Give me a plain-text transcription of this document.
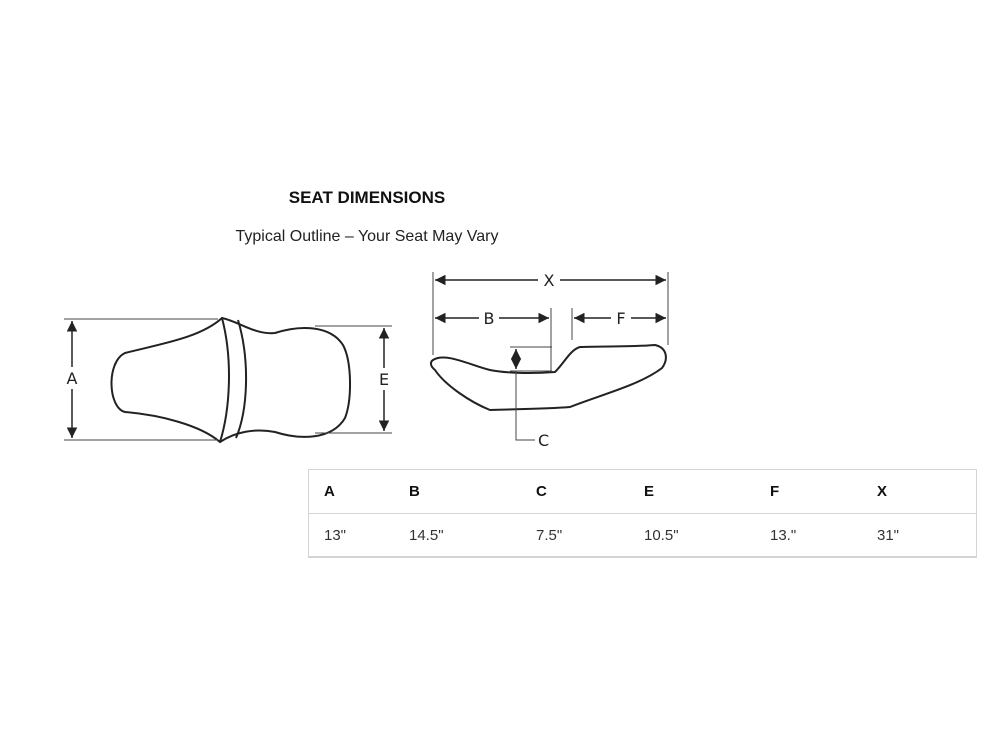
SEAT DIMENSIONS
Typical Outline – Your Seat May Vary
A	E
X
B	F
C
A	B	C	E	F	X
13"	14.5"	7.5"	10.5"	13."	31"
